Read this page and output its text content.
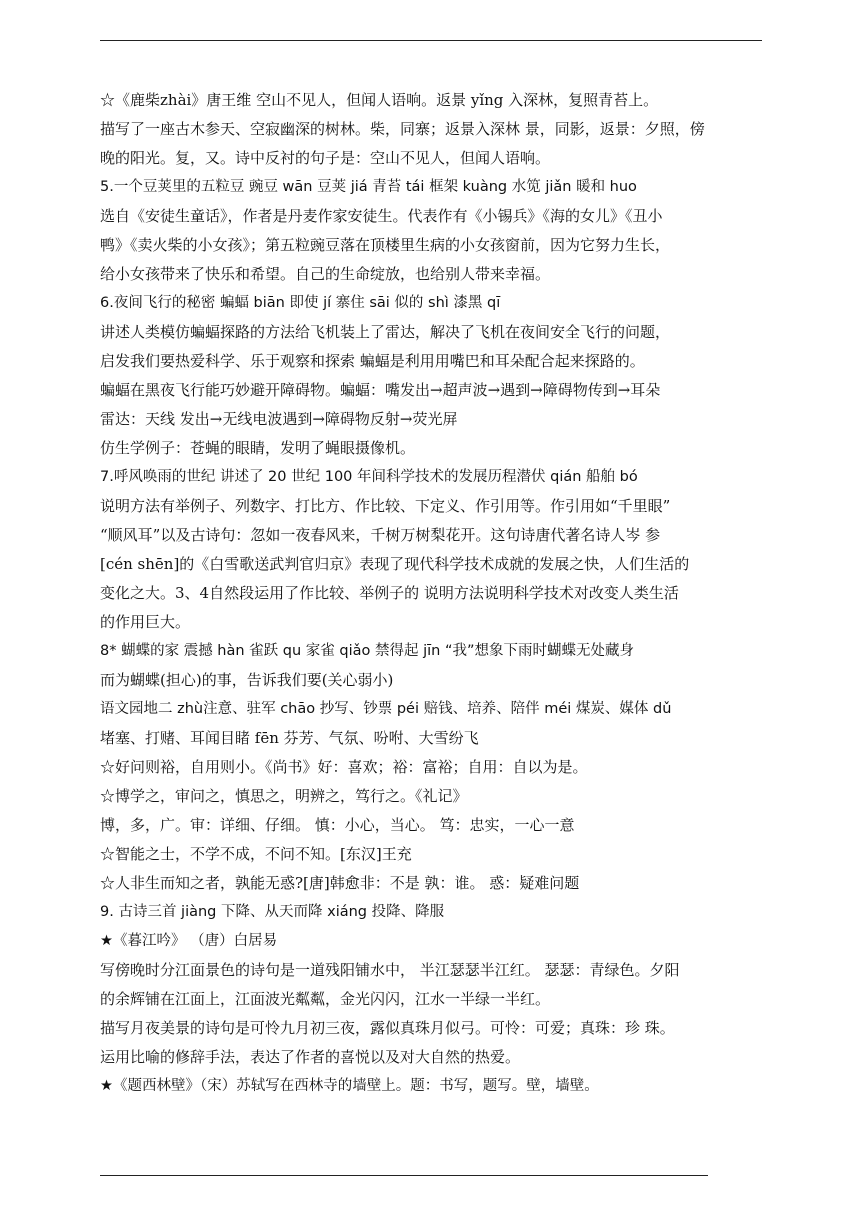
☆《鹿柴zhài》唐王维 空山不见人，但闻人语响。返景 yǐng 入深林，复照青苔上。
描写了一座古木参天、空寂幽深的树林。柴，同寨；返景入深林 景，同影，返景：夕照，傍
晚的阳光。复，又。诗中反衬的句子是：空山不见人，但闻人语响。
5.一个豆荚里的五粒豆 豌豆 wān 豆荚 jiá 青苔 tái 框架 kuàng 水笕 jiǎn 暖和 huo
选自《安徒生童话》，作者是丹麦作家安徒生。代表作有《小锡兵》《海的女儿》《丑小
鸭》《卖火柴的小女孩》；第五粒豌豆落在顶楼里生病的小女孩窗前，因为它努力生长，
给小女孩带来了快乐和希望。自己的生命绽放，也给别人带来幸福。
6.夜间飞行的秘密 蝙蝠 biān 即使 jí 寨住 sāi 似的 shì 漆黑 qī
讲述人类模仿蝙蝠探路的方法给飞机装上了雷达，解决了飞机在夜间安全飞行的问题，
启发我们要热爱科学、乐于观察和探索 蝙蝠是利用用嘴巴和耳朵配合起来探路的。
蝙蝠在黑夜飞行能巧妙避开障碍物。蝙蝠：嘴发出→超声波→遇到→障碍物传到→耳朵
雷达：天线 发出→无线电波遇到→障碍物反射→荧光屏
仿生学例子：苍蝇的眼睛，发明了蝇眼摄像机。
7.呼风唤雨的世纪 讲述了 20 世纪 100 年间科学技术的发展历程潜伏 qián 船舶 bó
说明方法有举例子、列数字、打比方、作比较、下定义、作引用等。作引用如“千里眼”
“顺风耳”以及古诗句：忽如一夜春风来，千树万树梨花开。这句诗唐代著名诗人岑 参
[cén shēn]的《白雪歌送武判官归京》表现了现代科学技术成就的发展之快，人们生活的
变化之大。3、4自然段运用了作比较、举例子的 说明方法说明科学技术对改变人类生活
的作用巨大。
8* 蝴蝶的家 震撼 hàn 雀跃 qu 家雀 qiǎo 禁得起 jīn “我”想象下雨时蝴蝶无处藏身
而为蝴蝶(担心)的事，告诉我们要(关心弱小)
语文园地二 zhù注意、驻军 chāo 抄写、钞票 péi 赔钱、培养、陪伴 méi 煤炭、媒体 dǔ
堵塞、打赌、耳闻目睹 fēn 芬芳、气氛、吩咐、大雪纷飞
☆好问则裕，自用则小。《尚书》好：喜欢；裕：富裕；自用：自以为是。
☆博学之，审问之，慎思之，明辨之，笃行之。《礼记》
博，多，广。审：详细、仔细。 慎：小心，当心。 笃：忠实，一心一意
☆智能之士，不学不成，不问不知。[东汉]王充
☆人非生而知之者，孰能无惑?[唐]韩愈非：不是 孰：谁。 惑：疑难问题
9. 古诗三首 jiàng 下降、从天而降 xiáng 投降、降服
★《暮江吟》 （唐）白居易
写傍晚时分江面景色的诗句是一道残阳铺水中， 半江瑟瑟半江红。 瑟瑟：青绿色。夕阳
的余辉铺在江面上，江面波光粼粼，金光闪闪，江水一半绿一半红。
描写月夜美景的诗句是可怜九月初三夜，露似真珠月似弓。可怜：可爱；真珠：珍 珠。
运用比喻的修辞手法，表达了作者的喜悦以及对大自然的热爱。
★《题西林壁》（宋）苏轼写在西林寺的墙壁上。题：书写，题写。壁，墙壁。
